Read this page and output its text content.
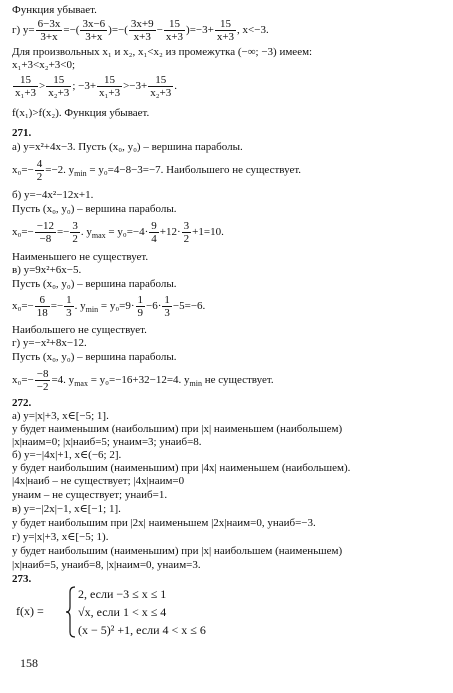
Функция убывает.
г) $y= \frac{6-3x}{3+x}$ =−( $\frac{3x-6}{3+x}$ )=−( $\frac{3x+9}{x+3} - \frac{15}{x+3} )=-3+ \frac{15}{x+3}$ , x<−3.
Для произвольных x₁ и x₂, x₁<x₂ из промежутка (−∞; −3) имеем:
x₁+3<x₂+3<0;
$\frac{15}{\text{x₁+3}} > \frac{15}{\text{x₂+3}}$ ; $-3+ \frac{15}{\text{x₁+3}} >-3+ \frac{15}{\text{x₂+3}}$ .
f(x₁)>f(x₂). Функция убывает.
271.
а) y=x²+4x−3. Пусть (x₀, y₀) – вершина параболы.
$x_0=- \frac{4}{2} =-2$. $y_{min} = y_0=4-8-3=-7$. Наибольшего не существует.
б) y=−4x²−12x+1.
Пусть (x₀, y₀) – вершина параболы.
$x_0=- \frac{-12}{-8} =- \frac{3}{2}$ . $y_{max} = y_0=-4\cdot \frac{9}{4} +12\cdot \frac{3}{2} +1=10$.
Наименьшего не существует.
в) y=9x²+6x−5.
Пусть (x₀, y₀) – вершина параболы.
$x_0=- \frac{6}{18} =- \frac{1}{3}$ . $y_{min} = y_0=9\cdot \frac{1}{9} -6\cdot \frac{1}{3} -5=-6$.
Наибольшего не существует.
г) y=−x²+8x−12.
Пусть (x₀, y₀) – вершина параболы.
$x_0=- \frac{-8}{-2} =4$. $y_{max} = y_0=-16+32-12=4$. $y_{min}$ не существует.
272.
а) y=|x|+3, x∈[−5; 1].
y будет наименьшим (наибольшим) при |x| наименьшем (наибольшем)
|x|наим=0; |x|наиб=5; yнаим=3; yнаиб=8.
б) y=−|4x|+1, x∈(−6; 2].
y будет наибольшим (наименьшим) при |4x| наименьшем (наибольшем).
|4x|наиб – не существует; |4x|наим=0
yнаим – не существует; yнаиб=1.
в) y=−|2x|−1, x∈[−1; 1].
y будет наибольшим при |2x| наименьшем |2x|наим=0, yнаиб=−3.
г) y=|x|+3, x∈[−5; 1).
y будет наибольшим (наименьшим) при |x| наибольшем (наименьшем)
|x|наиб=5, yнаиб=8, |x|наим=0, yнаим=3.
273.
f(x) =
2, если −3 ≤ x ≤ 1
√x, если 1 < x ≤ 4
(x − 5)² +1, если 4 < x ≤ 6
158
